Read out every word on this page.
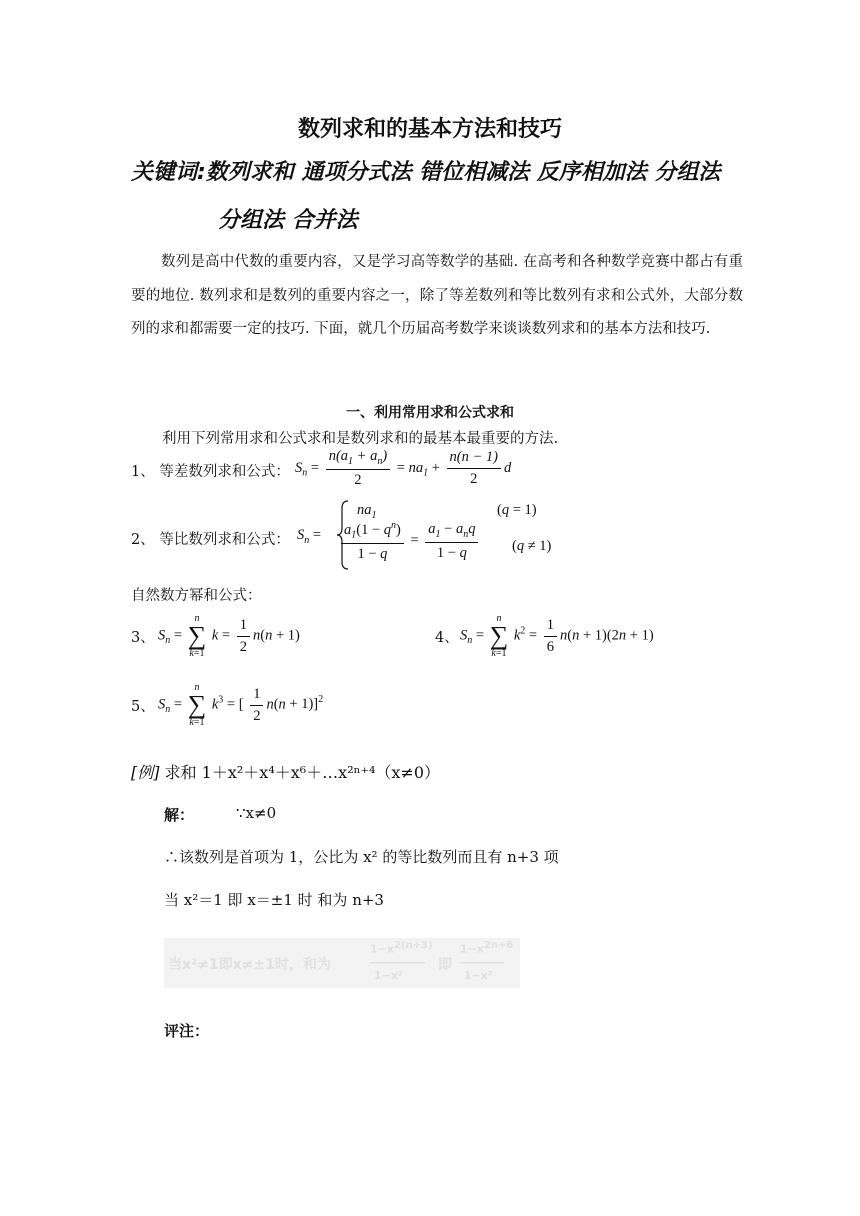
数列求和的基本方法和技巧
关键词:数列求和 通项分式法 错位相减法 反序相加法 分组法
分组法 合并法
数列是高中代数的重要内容，又是学习高等数学的基础. 在高考和各种数学竞赛中都占有重要的地位. 数列求和是数列的重要内容之一，除了等差数列和等比数列有求和公式外，大部分数列的求和都需要一定的技巧. 下面，就几个历届高考数学来谈谈数列求和的基本方法和技巧.
一、利用常用求和公式求和
利用下列常用求和公式求和是数列求和的最基本最重要的方法.
1、 等差数列求和公式： $S_n = \frac{n(a_1 + a_n)}{2} = na_1 + \frac{n(n - 1)}{2}$ d
2、 等比数列求和公式： $S_n$ =
$na_1$	(q = 1)
$\frac{a_1(1 - q^n)}{1 - q} = \frac{a_1 - a_nq}{1 - q} (q \ne 1)$
自然数方幂和公式：
3、 $S_n$ =
n
∑
k=1
$k = \frac{1}{2} n(n + 1)$	4、 $S_n$ =
n
∑
k=1
$k^2 = \frac{1}{6} n(n + 1)(2n + 1)$
5、 $S_n$ =
n
∑
k=1
$k^3$ = [ $\frac{1}{2} n(n + 1)]^2$
[例] 求和 1＋x²＋x⁴＋x⁶＋…x²ⁿ⁺⁴（x≠0）
解：	∵x≠0
∴该数列是首项为 1，公比为 x² 的等比数列而且有 n+3 项
当 x²＝1 即 x＝±1 时 和为 n+3
当x²≠1即x≠±1时，和为
$1-x^{2(n+3)}$
―――――
1−x²
即
$1-x^{2n+6}$
――――
1−x²
评注：
